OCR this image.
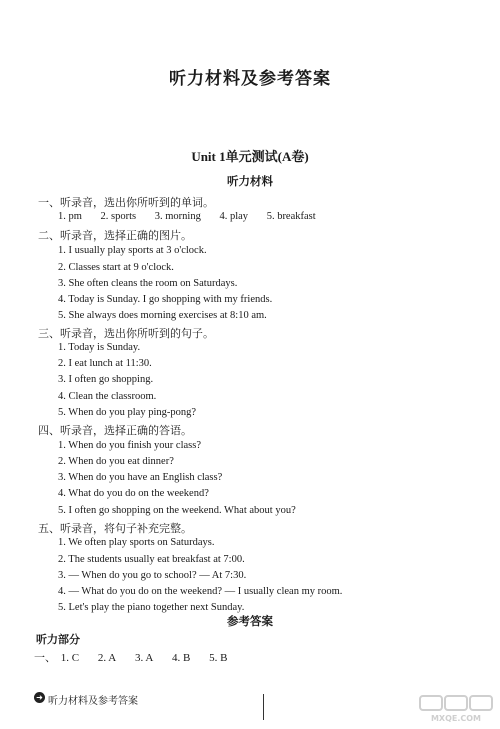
听力材料及参考答案
Unit 1单元测试(A卷)
听力材料
一、听录音，选出你所听到的单词。
1. pm 2. sports 3. morning 4. play 5. breakfast
二、听录音，选择正确的图片。
1. I usually play sports at 3 o'clock.
2. Classes start at 9 o'clock.
3. She often cleans the room on Saturdays.
4. Today is Sunday. I go shopping with my friends.
5. She always does morning exercises at 8:10 am.
三、听录音，选出你所听到的句子。
1. Today is Sunday.
2. I eat lunch at 11:30.
3. I often go shopping.
4. Clean the classroom.
5. When do you play ping-pong?
四、听录音，选择正确的答语。
1. When do you finish your class?
2. When do you eat dinner?
3. When do you have an English class?
4. What do you do on the weekend?
5. I often go shopping on the weekend. What about you?
五、听录音，将句子补充完整。
1. We often play sports on Saturdays.
2. The students usually eat breakfast at 7:00.
3. — When do you go to school? — At 7:30.
4. — What do you do on the weekend? — I usually clean my room.
5. Let's play the piano together next Sunday.
参考答案
听力部分
一、 1. C 2. A 3. A 4. B 5. B
➜ 听力材料及参考答案
MXQE.COM
